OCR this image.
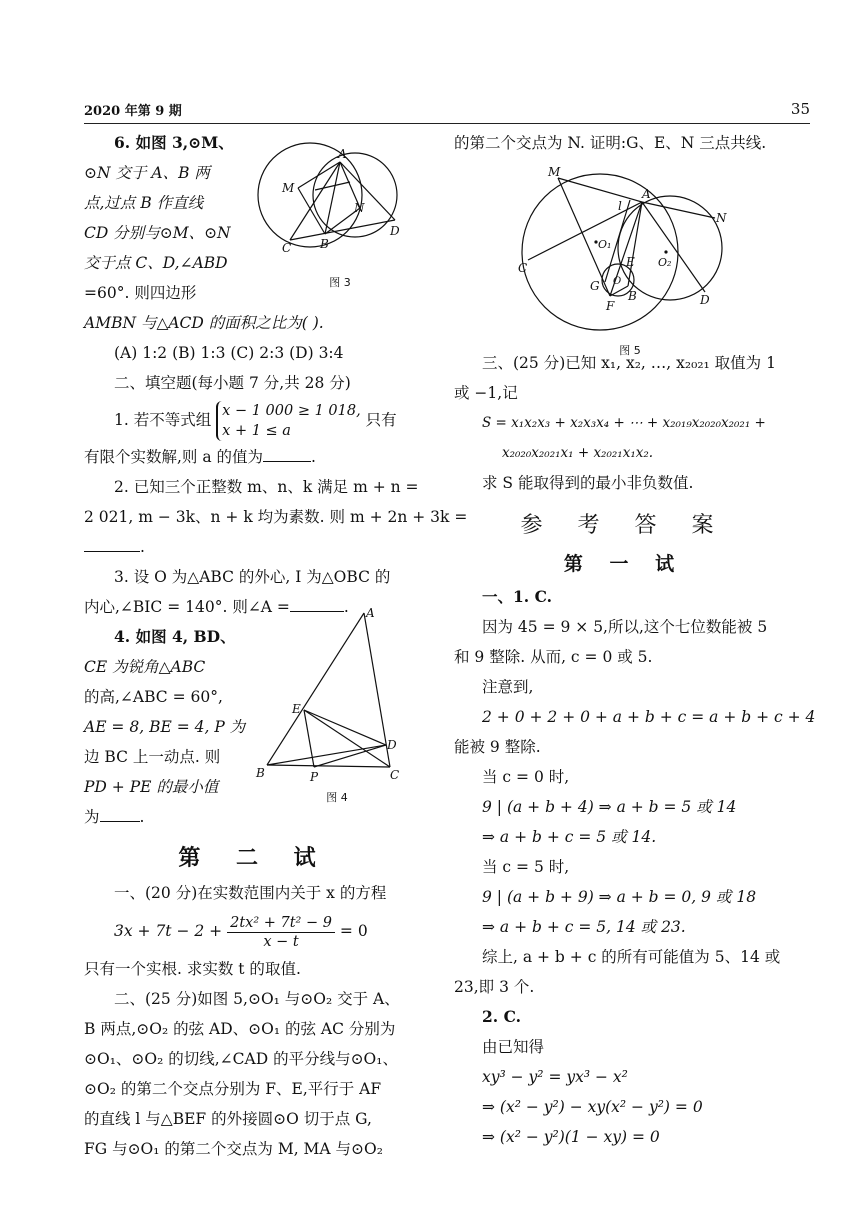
2020 年第 9 期	35
6. 如图 3,⊙M、
⊙N 交于 A、B 两
点,过点 B 作直线
CD 分别与⊙M、⊙N
交于点 C、D,∠ABD
=60°. 则四边形
AMBN 与△ACD 的面积之比为( ).
(A) 1:2 (B) 1:3 (C) 2:3 (D) 3:4
二、填空题(每小题 7 分,共 28 分)
1. 若不等式组 x − 1 000 ≥ 1 018,
x + 1 ≤ a
只有
有限个实数解,则 a 的值为	.
2. 已知三个正整数 m、n、k 满足 m + n =
2 021, m − 3k、n + k 均为素数. 则 m + 2n + 3k =
.
3. 设 O 为△ABC 的外心, I 为△OBC 的
内心,∠BIC = 140°. 则∠A =	.
4. 如图 4, BD、
CE 为锐角△ABC
的高,∠ABC = 60°,
AE = 8, BE = 4, P 为
边 BC 上一动点. 则
PD + PE 的最小值
为	.
第 二 试
一、(20 分)在实数范围内关于 x 的方程
$3x + 7t - 2 + \frac{\text{2tx² + 7t² − 9}}{x - t} = 0$
只有一个实根. 求实数 t 的取值.
二、(25 分)如图 5,⊙O₁ 与⊙O₂ 交于 A、
B 两点,⊙O₂ 的弦 AD、⊙O₁ 的弦 AC 分别为
⊙O₁、⊙O₂ 的切线,∠CAD 的平分线与⊙O₁、
⊙O₂ 的第二个交点分别为 F、E,平行于 AF
的直线 l 与△BEF 的外接圆⊙O 切于点 G,
FG 与⊙O₁ 的第二个交点为 M, MA 与⊙O₂
A
B
C
D
M
N
图 3
A
B	C
D
E
P
图 4
的第二个交点为 N. 证明:G、E、N 三点共线.
三、(25 分)已知 x₁, x₂, …, x₂₀₂₁ 取值为 1
或 −1,记
S = x₁x₂x₃ + x₂x₃x₄ + ⋯ + x₂₀₁₉x₂₀₂₀x₂₀₂₁ +
x₂₀₂₀x₂₀₂₁x₁ + x₂₀₂₁x₁x₂.
求 S 能取得到的最小非负数值.
参 考 答 案
第 一 试
一、1. C.
因为 45 = 9 × 5,所以,这个七位数能被 5
和 9 整除. 从而, c = 0 或 5.
注意到,
2 + 0 + 2 + 0 + a + b + c = a + b + c + 4
能被 9 整除.
当 c = 0 时,
9 | (a + b + 4) ⇒ a + b = 5 或 14
⇒ a + b + c = 5 或 14.
当 c = 5 时,
9 | (a + b + 9) ⇒ a + b = 0, 9 或 18
⇒ a + b + c = 5, 14 或 23.
综上, a + b + c 的所有可能值为 5、14 或
23,即 3 个.
2. C.
由已知得
xy³ − y² = yx³ − x²
⇒ (x² − y²) − xy(x² − y²) = 0
⇒ (x² − y²)(1 − xy) = 0
M
A
l
N
O₁
O₂
E
C
G O
F
B	D
图 5
